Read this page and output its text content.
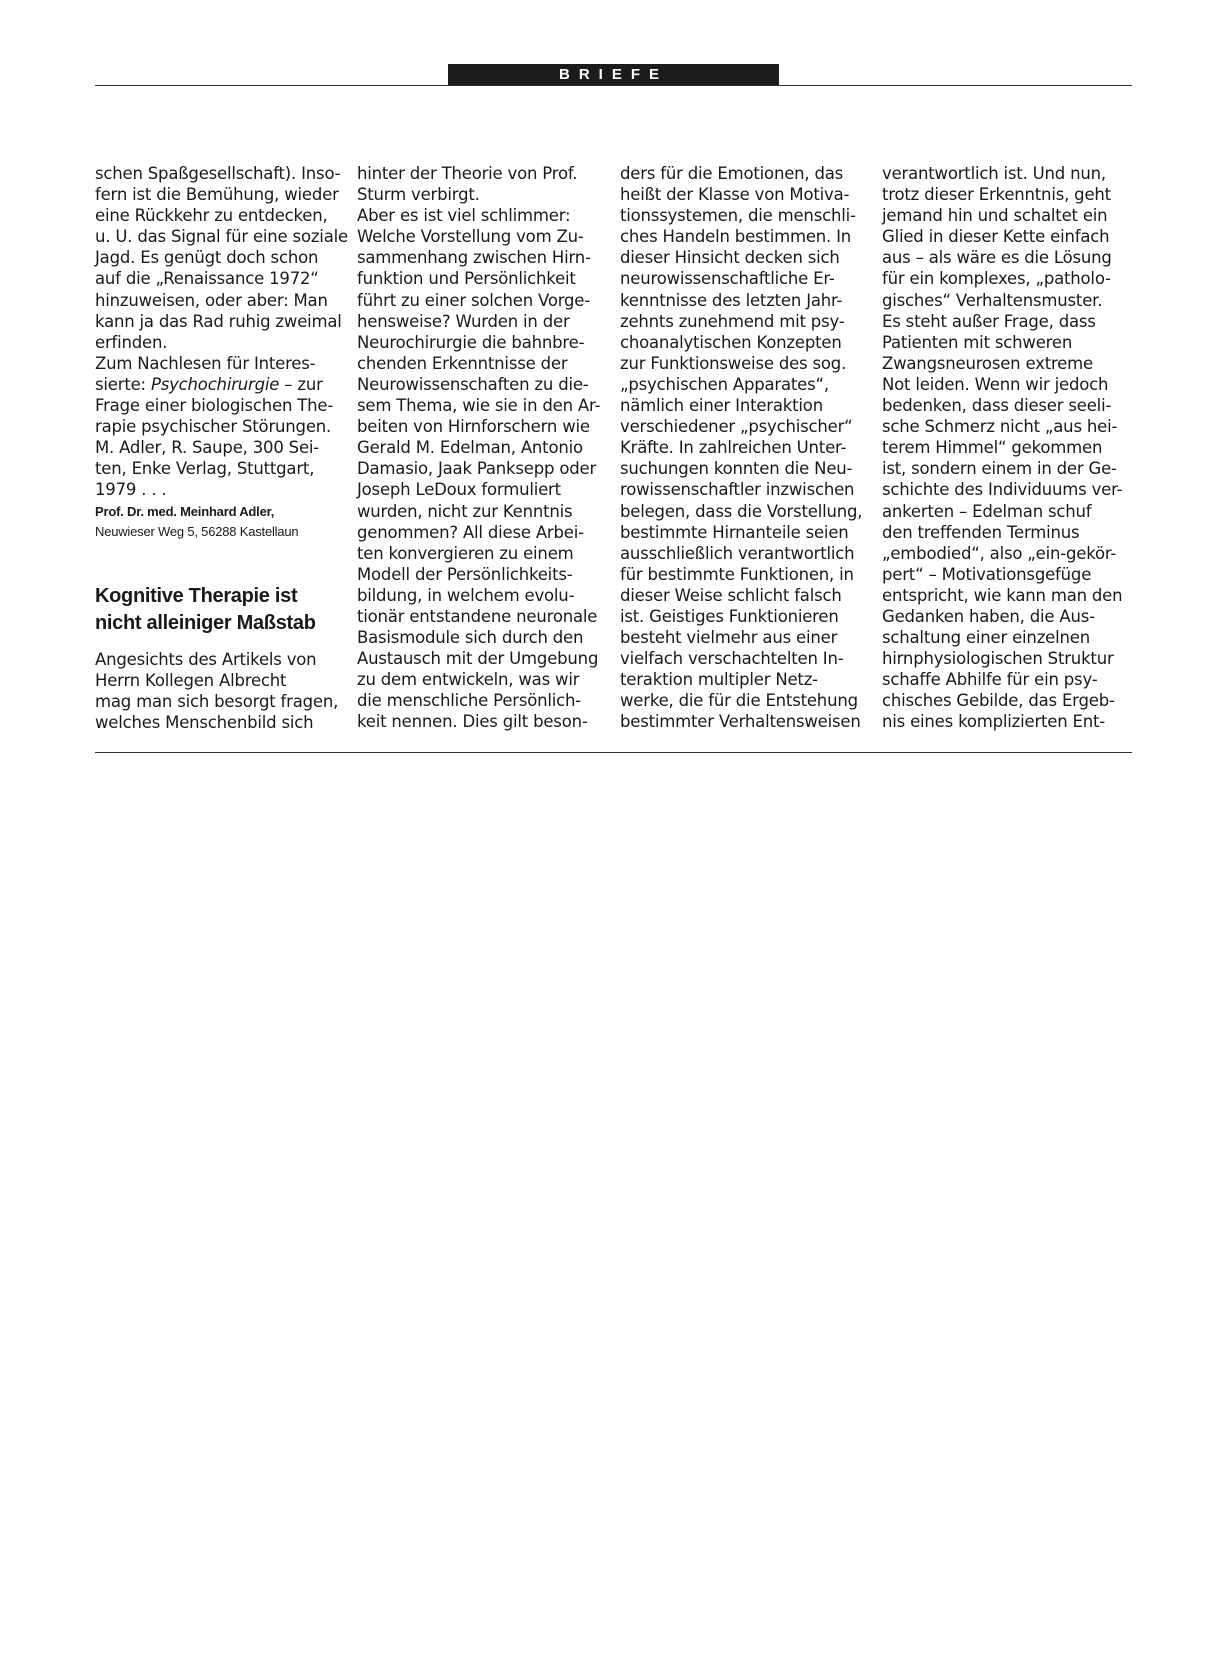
BRIEFE
schen Spaßgesellschaft). Inso-
fern ist die Bemühung, wieder
eine Rückkehr zu entdecken,
u. U. das Signal für eine soziale
Jagd. Es genügt doch schon
auf die „Renaissance 1972“
hinzuweisen, oder aber: Man
kann ja das Rad ruhig zweimal
erfinden.
Zum Nachlesen für Interes-
sierte: Psychochirurgie – zur
Frage einer biologischen The-
rapie psychischer Störungen.
M. Adler, R. Saupe, 300 Sei-
ten, Enke Verlag, Stuttgart,
1979 . . .
Prof. Dr. med. Meinhard Adler,
Neuwieser Weg 5, 56288 Kastellaun
Kognitive Therapie ist
nicht alleiniger Maßstab
Angesichts des Artikels von
Herrn Kollegen Albrecht
mag man sich besorgt fragen,
welches Menschenbild sich
hinter der Theorie von Prof.
Sturm verbirgt.
Aber es ist viel schlimmer:
Welche Vorstellung vom Zu-
sammenhang zwischen Hirn-
funktion und Persönlichkeit
führt zu einer solchen Vorge-
hensweise? Wurden in der
Neurochirurgie die bahnbre-
chenden Erkenntnisse der
Neurowissenschaften zu die-
sem Thema, wie sie in den Ar-
beiten von Hirnforschern wie
Gerald M. Edelman, Antonio
Damasio, Jaak Panksepp oder
Joseph LeDoux formuliert
wurden, nicht zur Kenntnis
genommen? All diese Arbei-
ten konvergieren zu einem
Modell der Persönlichkeits-
bildung, in welchem evolu-
tionär entstandene neuronale
Basismodule sich durch den
Austausch mit der Umgebung
zu dem entwickeln, was wir
die menschliche Persönlich-
keit nennen. Dies gilt beson-
ders für die Emotionen, das
heißt der Klasse von Motiva-
tionssystemen, die menschli-
ches Handeln bestimmen. In
dieser Hinsicht decken sich
neurowissenschaftliche Er-
kenntnisse des letzten Jahr-
zehnts zunehmend mit psy-
choanalytischen Konzepten
zur Funktionsweise des sog.
„psychischen Apparates“,
nämlich einer Interaktion
verschiedener „psychischer“
Kräfte. In zahlreichen Unter-
suchungen konnten die Neu-
rowissenschaftler inzwischen
belegen, dass die Vorstellung,
bestimmte Hirnanteile seien
ausschließlich verantwortlich
für bestimmte Funktionen, in
dieser Weise schlicht falsch
ist. Geistiges Funktionieren
besteht vielmehr aus einer
vielfach verschachtelten In-
teraktion multipler Netz-
werke, die für die Entstehung
bestimmter Verhaltensweisen
verantwortlich ist. Und nun,
trotz dieser Erkenntnis, geht
jemand hin und schaltet ein
Glied in dieser Kette einfach
aus – als wäre es die Lösung
für ein komplexes, „patholo-
gisches“ Verhaltensmuster.
Es steht außer Frage, dass
Patienten mit schweren
Zwangsneurosen extreme
Not leiden. Wenn wir jedoch
bedenken, dass dieser seeli-
sche Schmerz nicht „aus hei-
terem Himmel“ gekommen
ist, sondern einem in der Ge-
schichte des Individuums ver-
ankerten – Edelman schuf
den treffenden Terminus
„embodied“, also „ein-gekör-
pert“ – Motivationsgefüge
entspricht, wie kann man den
Gedanken haben, die Aus-
schaltung einer einzelnen
hirnphysiologischen Struktur
schaffe Abhilfe für ein psy-
chisches Gebilde, das Ergeb-
nis eines komplizierten Ent-
